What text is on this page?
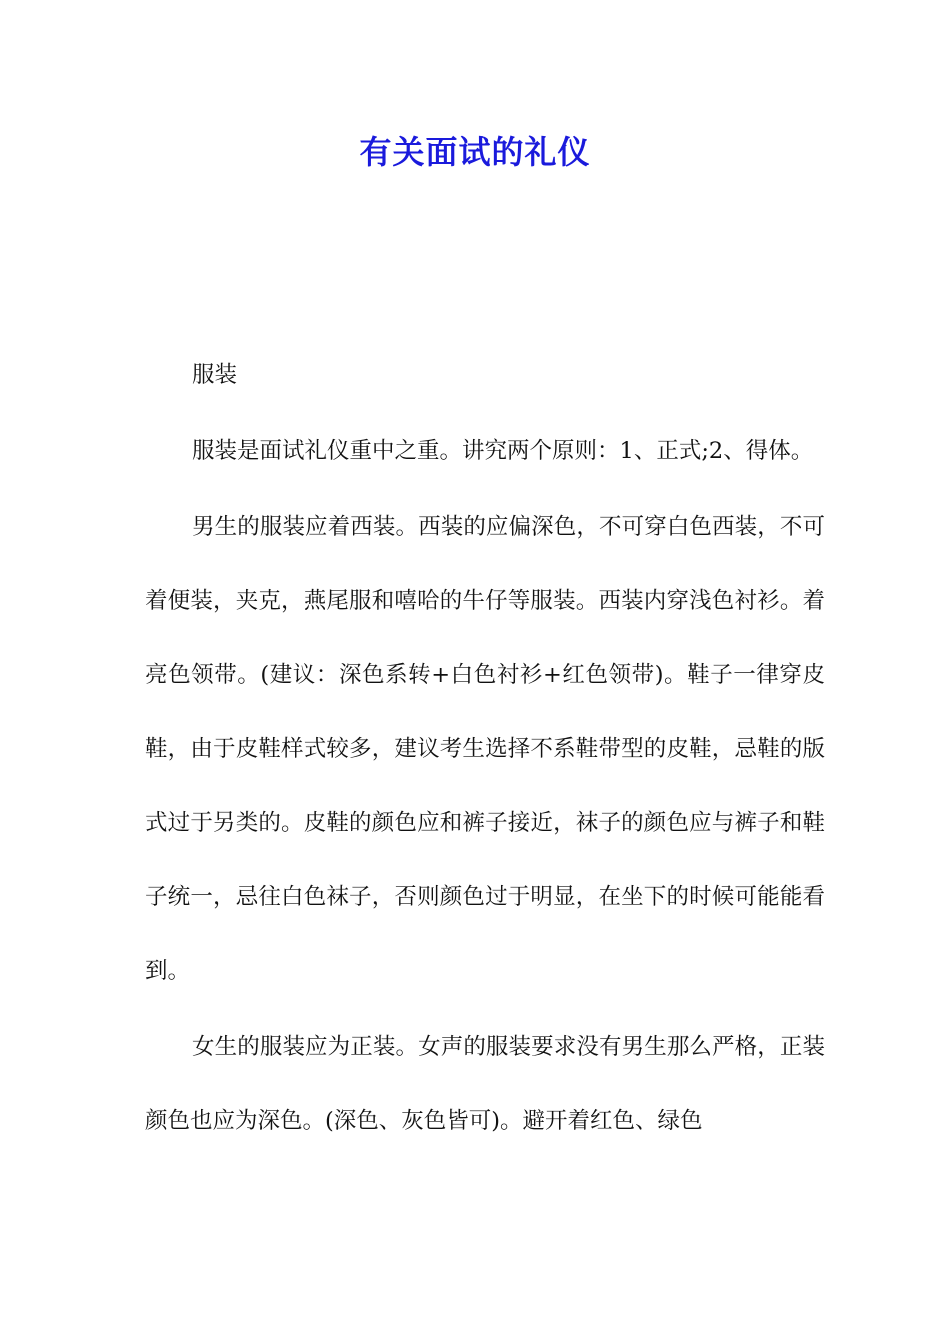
有关面试的礼仪

服装

服装是面试礼仪重中之重。讲究两个原则：1、正式;2、得体。

男生的服装应着西装。西装的应偏深色，不可穿白色西装，不可着便装，夹克，燕尾服和嘻哈的牛仔等服装。西装内穿浅色衬衫。着亮色领带。(建议：深色系转+白色衬衫+红色领带)。鞋子一律穿皮鞋，由于皮鞋样式较多，建议考生选择不系鞋带型的皮鞋，忌鞋的版式过于另类的。皮鞋的颜色应和裤子接近，袜子的颜色应与裤子和鞋子统一，忌往白色袜子，否则颜色过于明显，在坐下的时候可能能看到。

女生的服装应为正装。女声的服装要求没有男生那么严格，正装颜色也应为深色。(深色、灰色皆可)。避开着红色、绿色
